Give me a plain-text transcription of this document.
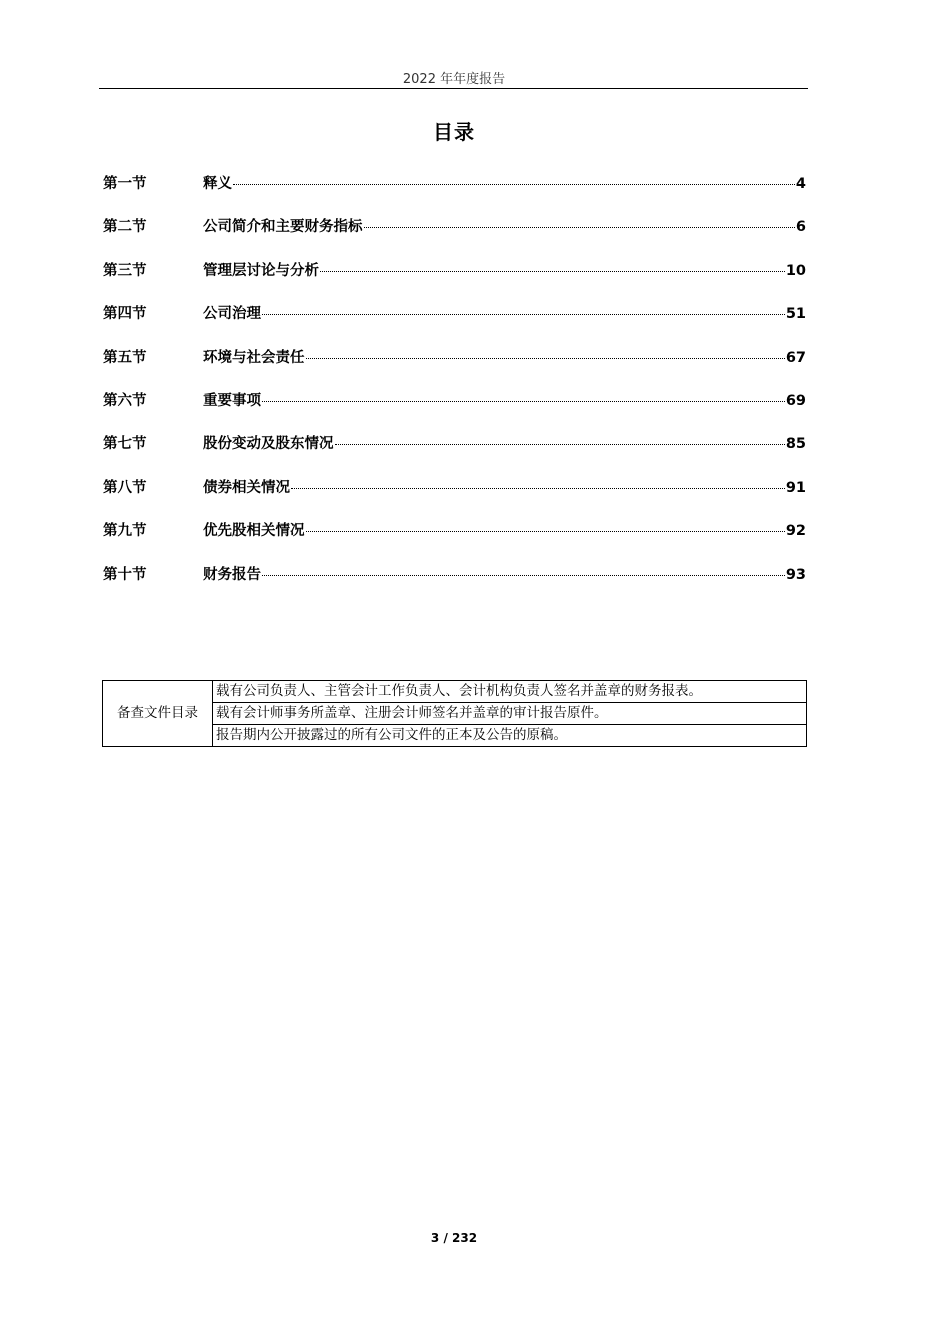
2022 年年度报告
目录
第一节	释义	4
第二节	公司简介和主要财务指标	6
第三节	管理层讨论与分析	10
第四节	公司治理	51
第五节	环境与社会责任	67
第六节	重要事项	69
第七节	股份变动及股东情况	85
第八节	债券相关情况	91
第九节	优先股相关情况	92
第十节	财务报告	93
备查文件目录	载有公司负责人、主管会计工作负责人、会计机构负责人签名并盖章的财务报表。
载有会计师事务所盖章、注册会计师签名并盖章的审计报告原件。
报告期内公开披露过的所有公司文件的正本及公告的原稿。
3 / 232
